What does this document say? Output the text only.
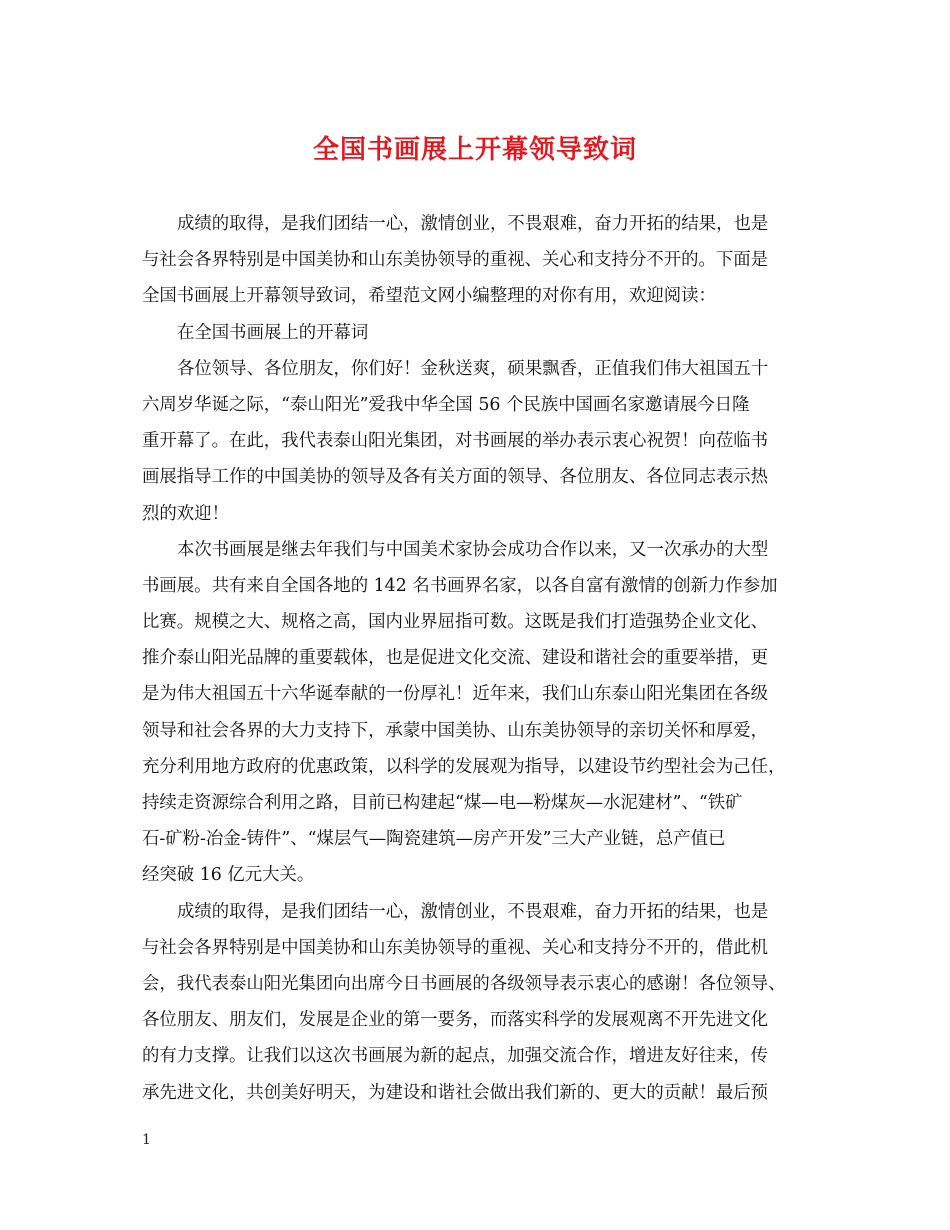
全国书画展上开幕领导致词
成绩的取得，是我们团结一心，激情创业，不畏艰难，奋力开拓的结果，也是
与社会各界特别是中国美协和山东美协领导的重视、关心和支持分不开的。下面是
全国书画展上开幕领导致词，希望范文网小编整理的对你有用，欢迎阅读：
在全国书画展上的开幕词
各位领导、各位朋友，你们好！金秋送爽，硕果飘香，正值我们伟大祖国五十
六周岁华诞之际，“泰山阳光”爱我中华全国 56 个民族中国画名家邀请展今日隆
重开幕了。在此，我代表泰山阳光集团，对书画展的举办表示衷心祝贺！向莅临书
画展指导工作的中国美协的领导及各有关方面的领导、各位朋友、各位同志表示热
烈的欢迎！
本次书画展是继去年我们与中国美术家协会成功合作以来，又一次承办的大型
书画展。共有来自全国各地的 142 名书画界名家，以各自富有激情的创新力作参加
比赛。规模之大、规格之高，国内业界屈指可数。这既是我们打造强势企业文化、
推介泰山阳光品牌的重要载体，也是促进文化交流、建设和谐社会的重要举措，更
是为伟大祖国五十六华诞奉献的一份厚礼！近年来，我们山东泰山阳光集团在各级
领导和社会各界的大力支持下，承蒙中国美协、山东美协领导的亲切关怀和厚爱，
充分利用地方政府的优惠政策，以科学的发展观为指导，以建设节约型社会为己任，
持续走资源综合利用之路，目前已构建起“煤—电—粉煤灰—水泥建材”、“铁矿
石-矿粉-冶金-铸件”、“煤层气—陶瓷建筑—房产开发”三大产业链，总产值已
经突破 16 亿元大关。
成绩的取得，是我们团结一心，激情创业，不畏艰难，奋力开拓的结果，也是
与社会各界特别是中国美协和山东美协领导的重视、关心和支持分不开的，借此机
会，我代表泰山阳光集团向出席今日书画展的各级领导表示衷心的感谢！各位领导、
各位朋友、朋友们，发展是企业的第一要务，而落实科学的发展观离不开先进文化
的有力支撑。让我们以这次书画展为新的起点，加强交流合作，增进友好往来，传
承先进文化，共创美好明天，为建设和谐社会做出我们新的、更大的贡献！最后预
1
